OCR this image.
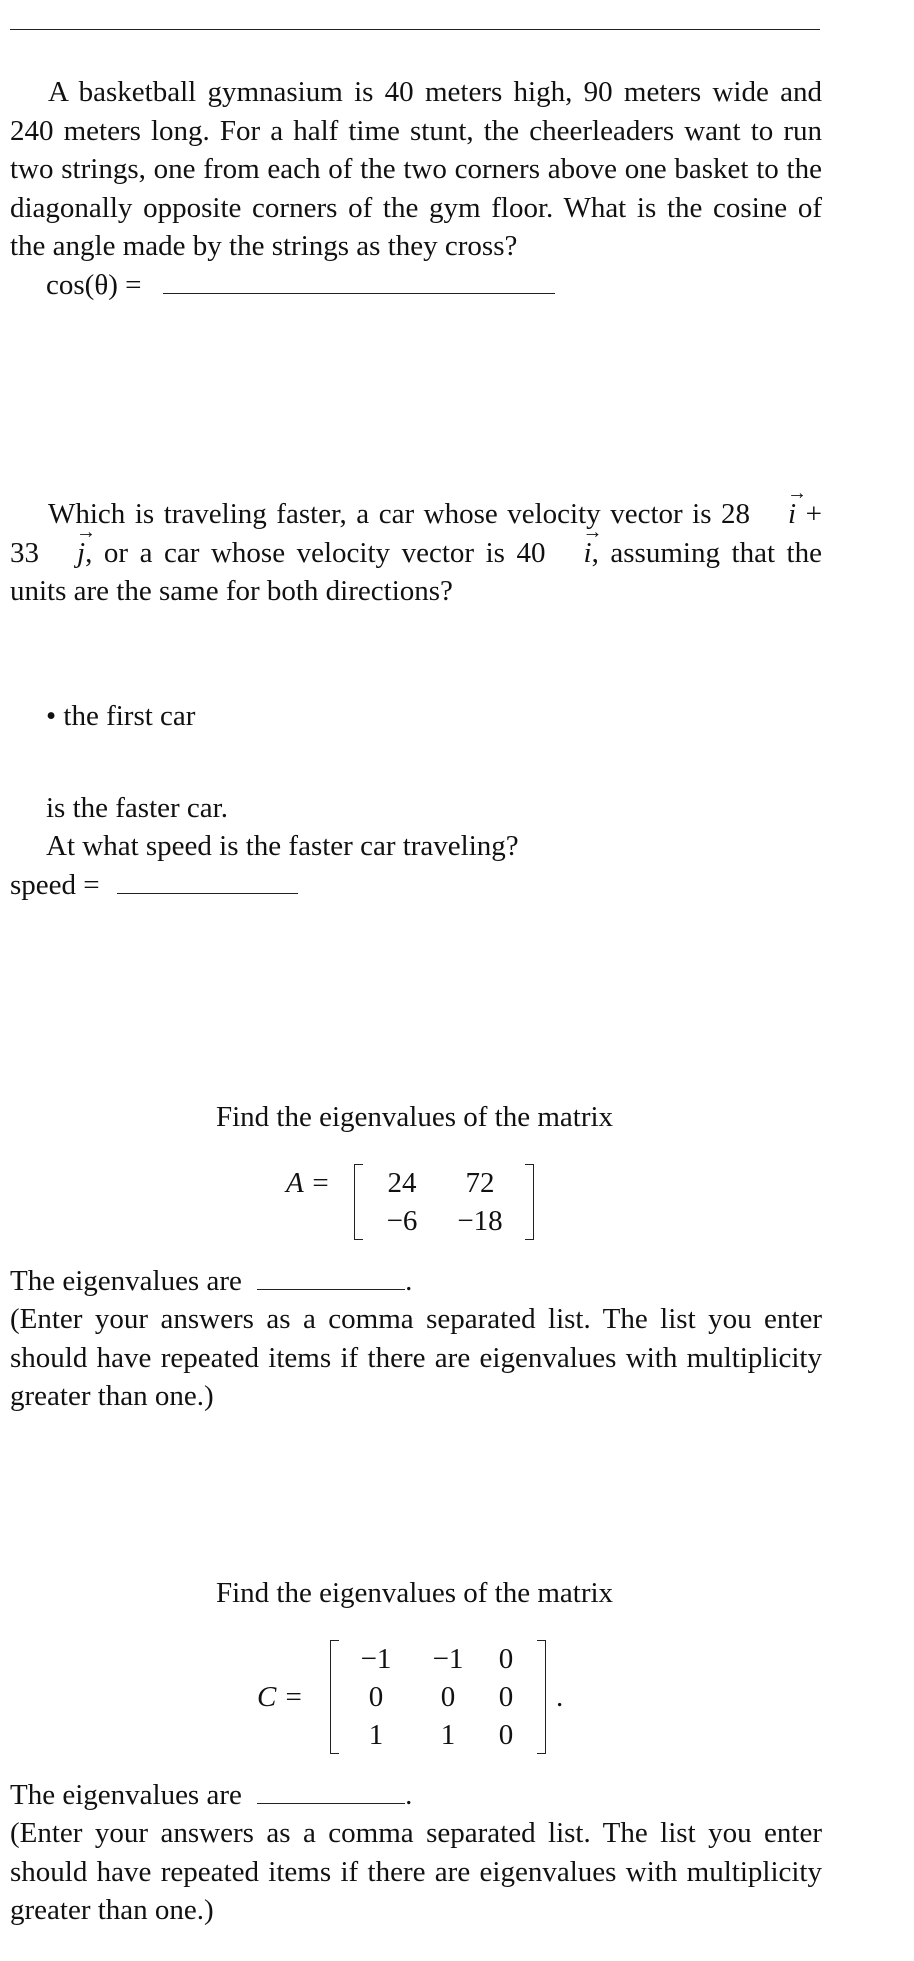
A basketball gymnasium is 40 meters high, 90 meters wide and 240 meters long. For a half time stunt, the cheerleaders want to run two strings, one from each of the two corners above one basket to the diagonally opposite corners of the gym floor. What is the cosine of the angle made by the strings as they cross?
cos(θ) =
Which is traveling faster, a car whose velocity vector is 28 i → + 33 j →, or a car whose velocity vector is 40 i →, assuming that the units are the same for both directions?
• the first car
is the faster car.
At what speed is the faster car traveling?
speed =
Find the eigenvalues of the matrix
A =	24	72
−6	−18
The eigenvalues are	.
(Enter your answers as a comma separated list. The list you enter should have repeated items if there are eigenvalues with multiplicity greater than one.)
Find the eigenvalues of the matrix
C =
−1	−1	0
0	0	0
1	1	0
.
The eigenvalues are	.
(Enter your answers as a comma separated list. The list you enter should have repeated items if there are eigenvalues with multiplicity greater than one.)
